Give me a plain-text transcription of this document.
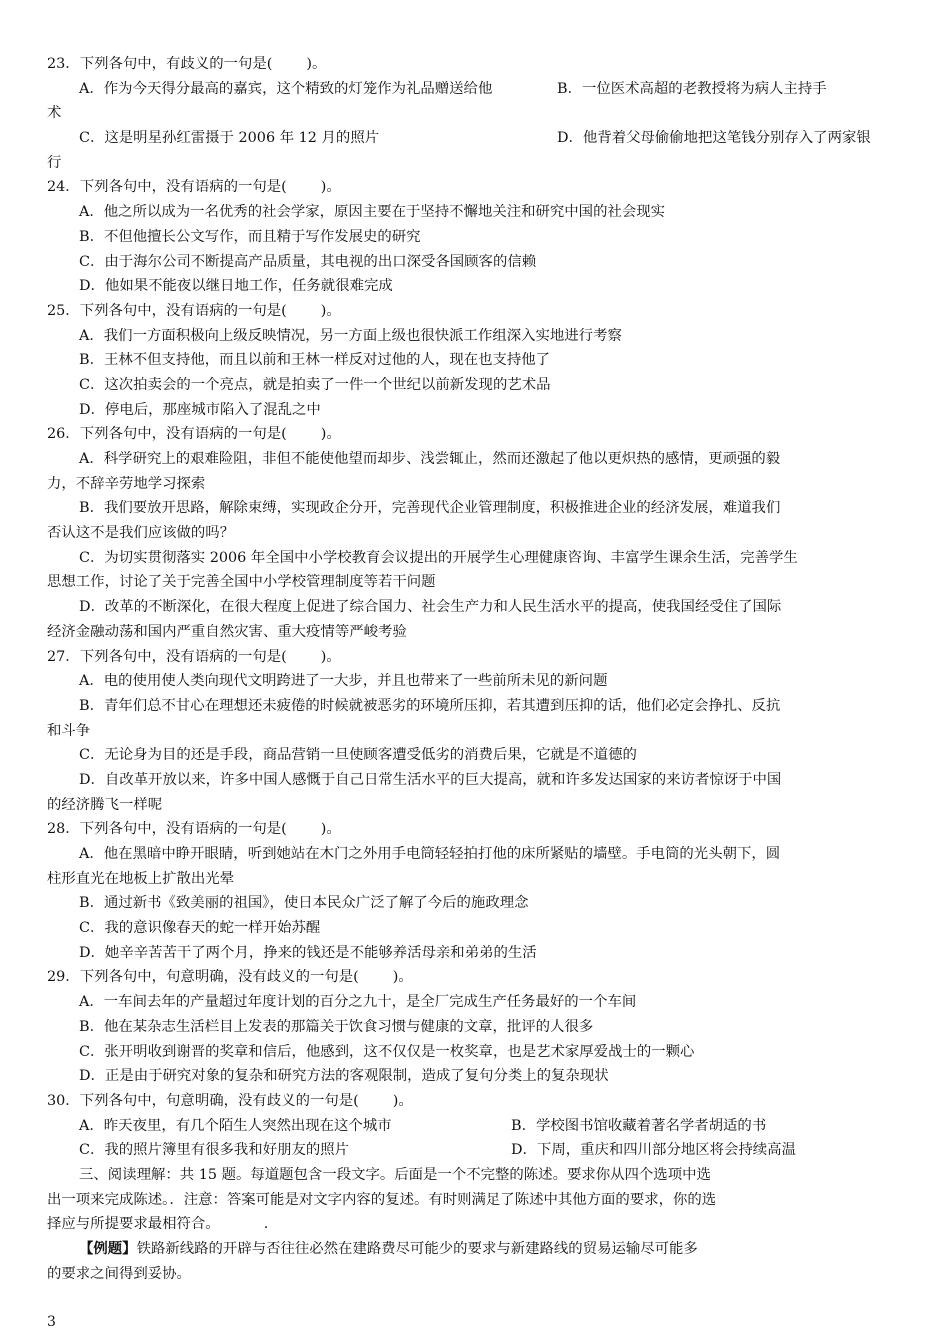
23．下列各句中，有歧义的一句是( )。
A．作为今天得分最高的嘉宾，这个精致的灯笼作为礼品赠送给他	B．一位医术高超的老教授将为病人主持手
术
C．这是明星孙红雷摄于 2006 年 12 月的照片	D．他背着父母偷偷地把这笔钱分别存入了两家银
行
24．下列各句中，没有语病的一句是( )。
A．他之所以成为一名优秀的社会学家，原因主要在于坚持不懈地关注和研究中国的社会现实
B．不但他擅长公文写作，而且精于写作发展史的研究
C．由于海尔公司不断提高产品质量，其电视的出口深受各国顾客的信赖
D．他如果不能夜以继日地工作，任务就很难完成
25．下列各句中，没有语病的一句是( )。
A．我们一方面积极向上级反映情况，另一方面上级也很快派工作组深入实地进行考察
B．王林不但支持他，而且以前和王林一样反对过他的人，现在也支持他了
C．这次拍卖会的一个亮点，就是拍卖了一件一个世纪以前新发现的艺术品
D．停电后，那座城市陷入了混乱之中
26．下列各句中，没有语病的一句是( )。
A．科学研究上的艰难险阻，非但不能使他望而却步、浅尝辄止，然而还激起了他以更炽热的感情，更顽强的毅
力，不辞辛劳地学习探索
B．我们要放开思路，解除束缚，实现政企分开，完善现代企业管理制度，积极推进企业的经济发展，难道我们
否认这不是我们应该做的吗？
C．为切实贯彻落实 2006 年全国中小学校教育会议提出的开展学生心理健康咨询、丰富学生课余生活，完善学生
思想工作，讨论了关于完善全国中小学校管理制度等若干问题
D．改革的不断深化，在很大程度上促进了综合国力、社会生产力和人民生活水平的提高，使我国经受住了国际
经济金融动荡和国内严重自然灾害、重大疫情等严峻考验
27．下列各句中，没有语病的一句是( )。
A．电的使用使人类向现代文明跨进了一大步，并且也带来了一些前所未见的新问题
B．青年们总不甘心在理想还未疲倦的时候就被恶劣的环境所压抑，若其遭到压抑的话，他们必定会挣扎、反抗
和斗争
C．无论身为目的还是手段，商品营销一旦使顾客遭受低劣的消费后果，它就是不道德的
D．自改革开放以来，许多中国人感慨于自己日常生活水平的巨大提高，就和许多发达国家的来访者惊讶于中国
的经济腾飞一样呢
28．下列各句中，没有语病的一句是( )。
A．他在黑暗中睁开眼睛，听到她站在木门之外用手电筒轻轻拍打他的床所紧贴的墙壁。手电筒的光头朝下，圆
柱形直光在地板上扩散出光晕
B．通过新书《致美丽的祖国》，使日本民众广泛了解了今后的施政理念
C．我的意识像春天的蛇一样开始苏醒
D．她辛辛苦苦干了两个月，挣来的钱还是不能够养活母亲和弟弟的生活
29．下列各句中，句意明确，没有歧义的一句是( )。
A．一车间去年的产量超过年度计划的百分之九十，是全厂完成生产任务最好的一个车间
B．他在某杂志生活栏目上发表的那篇关于饮食习惯与健康的文章，批评的人很多
C．张开明收到谢晋的奖章和信后，他感到，这不仅仅是一枚奖章，也是艺术家厚爱战士的一颗心
D．正是由于研究对象的复杂和研究方法的客观限制，造成了复句分类上的复杂现状
30．下列各句中，句意明确，没有歧义的一句是( )。
A．昨天夜里，有几个陌生人突然出现在这个城市	B．学校图书馆收藏着著名学者胡适的书
C．我的照片簿里有很多我和好朋友的照片	D．下周，重庆和四川部分地区将会持续高温
三、阅读理解：共 15 题。每道题包含一段文字。后面是一个不完整的陈述。要求你从四个选项中选
出一项来完成陈述。．注意：答案可能是对文字内容的复述。有时则满足了陈述中其他方面的要求，你的选
择应与所提要求最相符合。	.
【例题】铁路新线路的开辟与否往往必然在建路费尽可能少的要求与新建路线的贸易运输尽可能多
的要求之间得到妥协。
3
